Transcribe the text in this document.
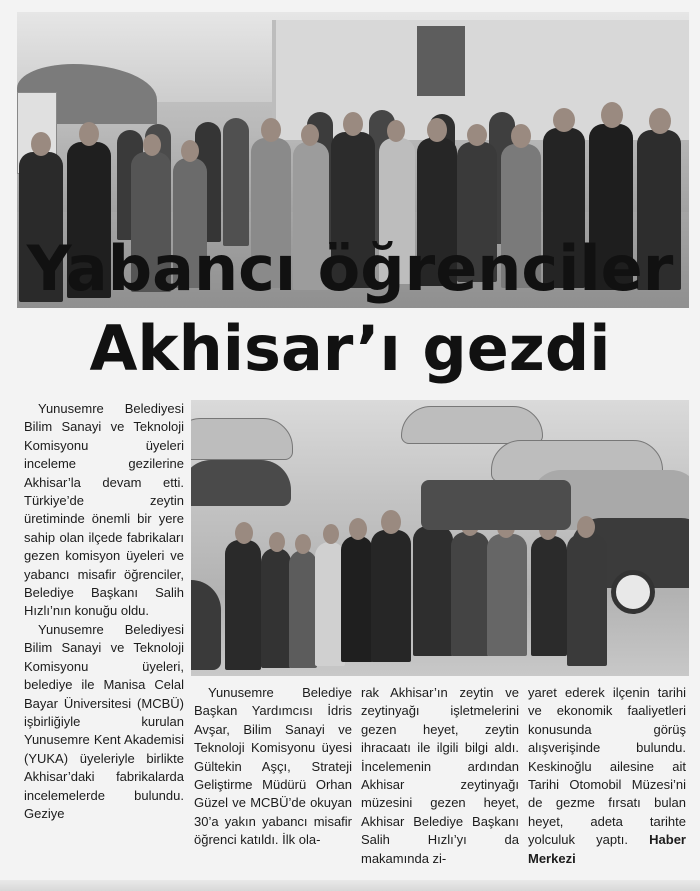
Yabancı öğrenciler
Akhisar’ı gezdi

Yunusemre Belediyesi Bilim Sanayi ve Teknoloji Komisyonu üyeleri inceleme gezilerine Akhisar’la devam etti. Türkiye’de zeytin üretiminde önemli bir yere sahip olan ilçede fabrikaları gezen komisyon üyeleri ve yabancı misafir öğrenciler, Belediye Başkanı Salih Hızlı’nın konuğu oldu.

Yunusemre Belediyesi Bilim Sanayi ve Teknoloji Komisyonu üyeleri, belediye ile Manisa Celal Bayar Üniversitesi (MCBÜ) işbirliğiyle kurulan Yunusemre Kent Akademisi (YUKA) üyeleriyle birlikte Akhisar’daki fabrikalarda incelemelerde bulundu. Geziye

Yunusemre Belediye Başkan Yardımcısı İdris Avşar, Bilim Sanayi ve Teknoloji Komisyonu üyesi Gültekin Aşçı, Strateji Geliştirme Müdürü Orhan Güzel ve MCBÜ’de okuyan 30’a yakın yabancı misafir öğrenci katıldı. İlk ola-

rak Akhisar’ın zeytin ve zeytinyağı işletmelerini gezen heyet, zeytin ihracaatı ile ilgili bilgi aldı. İncelemenin ardından Akhisar zeytinyağı müzesini gezen heyet, Akhisar Belediye Başkanı Salih Hızlı’yı da makamında zi-

yaret ederek ilçenin tarihi ve ekonomik faaliyetleri konusunda görüş alışverişinde bulundu. Keskinoğlu ailesine ait Tarihi Otomobil Müzesi’ni de gezme fırsatı bulan heyet, adeta tarihte yolculuk yaptı. Haber Merkezi
